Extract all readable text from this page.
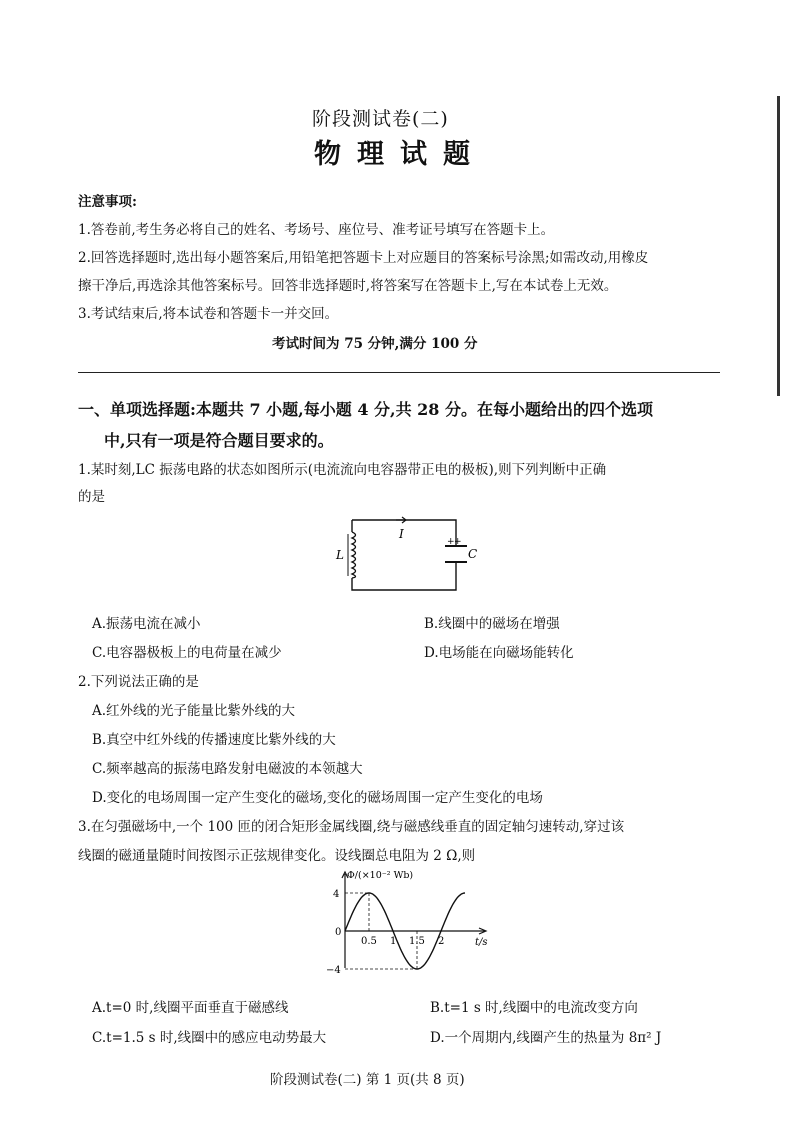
阶段测试卷(二)
物理试题
注意事项:
1.答卷前,考生务必将自己的姓名、考场号、座位号、准考证号填写在答题卡上。
2.回答选择题时,选出每小题答案后,用铅笔把答题卡上对应题目的答案标号涂黑;如需改动,用橡皮
擦干净后,再选涂其他答案标号。回答非选择题时,将答案写在答题卡上,写在本试卷上无效。
3.考试结束后,将本试卷和答题卡一并交回。
考试时间为 75 分钟,满分 100 分
一、单项选择题:本题共 7 小题,每小题 4 分,共 28 分。在每小题给出的四个选项
中,只有一项是符合题目要求的。
1.某时刻,LC 振荡电路的状态如图所示(电流流向电容器带正电的极板),则下列判断中正确
的是
I
L	C
+ +
A.振荡电流在减小	B.线圈中的磁场在增强
C.电容器极板上的电荷量在减少	D.电场能在向磁场能转化
2.下列说法正确的是
A.红外线的光子能量比紫外线的大
B.真空中红外线的传播速度比紫外线的大
C.频率越高的振荡电路发射电磁波的本领越大
D.变化的电场周围一定产生变化的磁场,变化的磁场周围一定产生变化的电场
3.在匀强磁场中,一个 100 匝的闭合矩形金属线圈,绕与磁感线垂直的固定轴匀速转动,穿过该
线圈的磁通量随时间按图示正弦规律变化。设线圈总电阻为 2 Ω,则
Φ/(×10⁻² Wb)
t/s
4
0
−4
0.5 1 1.5 2
A.t=0 时,线圈平面垂直于磁感线	B.t=1 s 时,线圈中的电流改变方向
C.t=1.5 s 时,线圈中的感应电动势最大	D.一个周期内,线圈产生的热量为 8π² J
阶段测试卷(二) 第 1 页(共 8 页)
